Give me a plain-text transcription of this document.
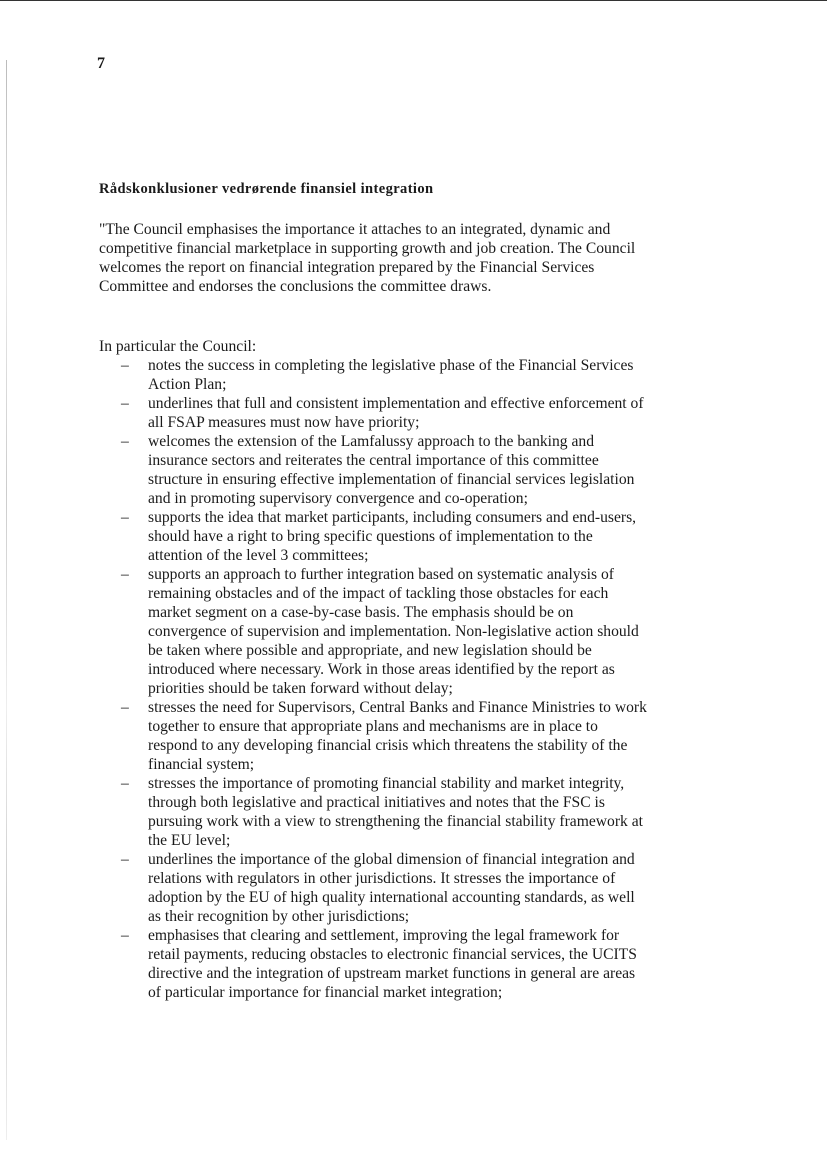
7
Rådskonklusioner vedrørende finansiel integration

"The Council emphasises the importance it attaches to an integrated, dynamic and competitive financial marketplace in supporting growth and job creation. The Council welcomes the report on financial integration prepared by the Financial Services Committee and endorses the conclusions the committee draws.

In particular the Council:

– notes the success in completing the legislative phase of the Financial Services Action Plan;
– underlines that full and consistent implementation and effective enforcement of all FSAP measures must now have priority;
– welcomes the extension of the Lamfalussy approach to the banking and insurance sectors and reiterates the central importance of this committee structure in ensuring effective implementation of financial services legislation and in promoting supervisory convergence and co-operation;
– supports the idea that market participants, including consumers and end-users, should have a right to bring specific questions of implementation to the attention of the level 3 committees;
– supports an approach to further integration based on systematic analysis of remaining obstacles and of the impact of tackling those obstacles for each market segment on a case-by-case basis. The emphasis should be on convergence of supervision and implementation. Non-legislative action should be taken where possible and appropriate, and new legislation should be introduced where necessary. Work in those areas identified by the report as priorities should be taken forward without delay;
– stresses the need for Supervisors, Central Banks and Finance Ministries to work together to ensure that appropriate plans and mechanisms are in place to respond to any developing financial crisis which threatens the stability of the financial system;
– stresses the importance of promoting financial stability and market integrity, through both legislative and practical initiatives and notes that the FSC is pursuing work with a view to strengthening the financial stability framework at the EU level;
– underlines the importance of the global dimension of financial integration and relations with regulators in other jurisdictions. It stresses the importance of adoption by the EU of high quality international accounting standards, as well as their recognition by other jurisdictions;
– emphasises that clearing and settlement, improving the legal framework for retail payments, reducing obstacles to electronic financial services, the UCITS directive and the integration of upstream market functions in general are areas of particular importance for financial market integration;
